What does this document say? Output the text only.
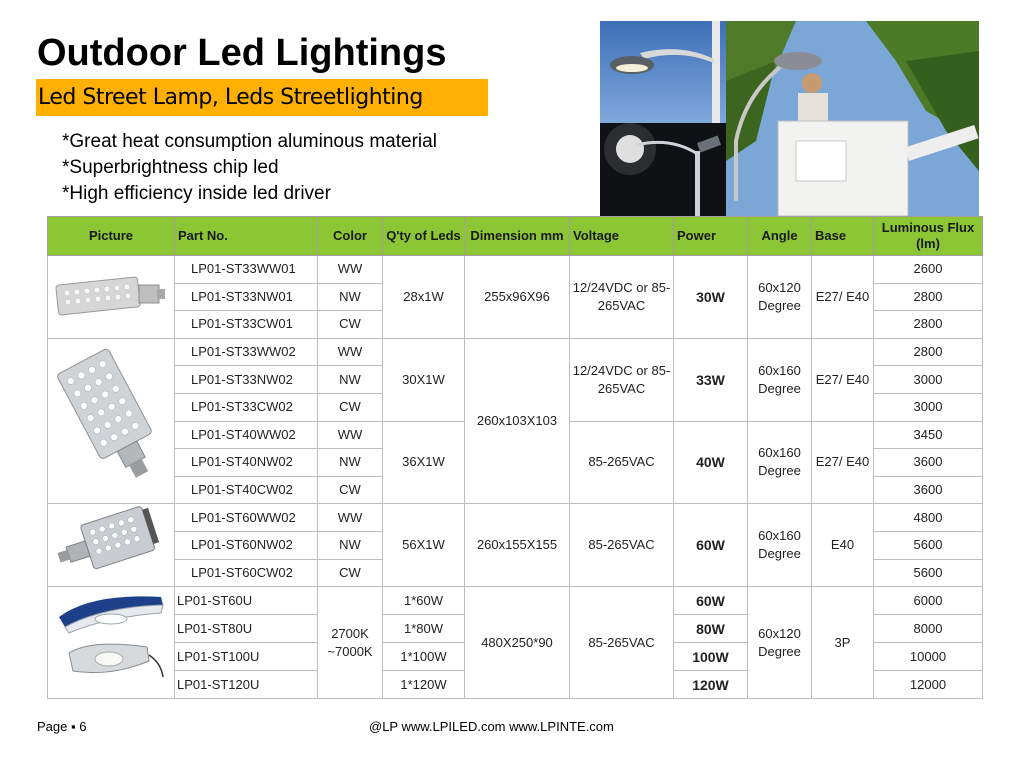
Outdoor Led Lightings
Led Street Lamp, Leds Streetlighting
*Great heat consumption aluminous material
*Superbrightness chip led
*High efficiency inside led driver
Picture	Part No.	Color	Q'ty of Leds	Dimension mm	Voltage	Power	Angle	Base	Luminous Flux (lm)
	LP01-ST33WW01	WW	28x1W	255x96X96	12/24VDC or 85-265VAC	30W	60x120 Degree	E27/ E40	2600
	LP01-ST33NW01	NW							2800
	LP01-ST33CW01	CW							2800
	LP01-ST33WW02	WW	30X1W	260x103X103	12/24VDC or 85-265VAC	33W	60x160 Degree	E27/ E40	2800
	LP01-ST33NW02	NW							3000
	LP01-ST33CW02	CW							3000
	LP01-ST40WW02	WW	36X1W		85-265VAC	40W	60x160 Degree	E27/ E40	3450
	LP01-ST40NW02	NW							3600
	LP01-ST40CW02	CW							3600
	LP01-ST60WW02	WW	56X1W	260x155X155	85-265VAC	60W	60x160 Degree	E40	4800
	LP01-ST60NW02	NW							5600
	LP01-ST60CW02	CW							5600
	LP01-ST60U	2700K ~7000K	1*60W	480X250*90	85-265VAC	60W	60x120 Degree	3P	6000
	LP01-ST80U		1*80W			80W			8000
	LP01-ST100U		1*100W			100W			10000
	LP01-ST120U		1*120W			120W			12000
Page ▪ 6	@LP www.LPILED.com www.LPINTE.com
